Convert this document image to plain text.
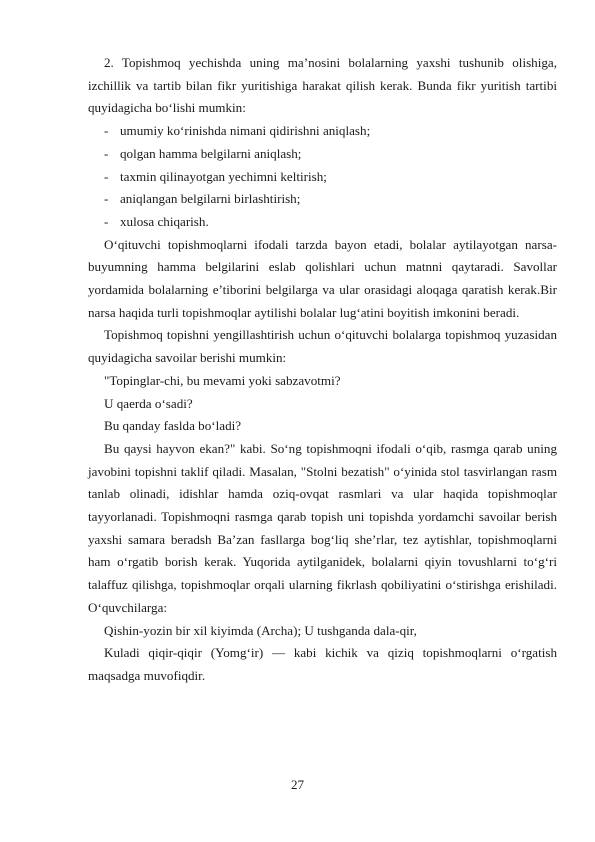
2. Topishmoq yechishda uning ma’nosini bolalarning yaxshi tushunib olishiga, izchillik va tartib bilan fikr yuritishiga harakat qilish kerak. Bunda fikr yuritish tartibi quyidagicha bo‘lishi mumkin:

- umumiy ko‘rinishda nimani qidirishni aniqlash;
- qolgan hamma belgilarni aniqlash;
- taxmin qilinayotgan yechimni keltirish;
- aniqlangan belgilarni birlashtirish;
- xulosa chiqarish.

O‘qituvchi topishmoqlarni ifodali tarzda bayon etadi, bolalar aytilayotgan narsa- buyumning hamma belgilarini eslab qolishlari uchun matnni qaytaradi. Savollar yordamida bolalarning e’tiborini belgilarga va ular orasidagi aloqaga qaratish kerak.Bir narsa haqida turli topishmoqlar aytilishi bolalar lug‘atini boyitish imkonini beradi.

Topishmoq topishni yengillashtirish uchun o‘qituvchi bolalarga topishmoq yuzasidan quyidagicha savoilar berishi mumkin:

"Topinglar-chi, bu mevami yoki sabzavotmi?

U qaerda o‘sadi?

Bu qanday faslda bo‘ladi?

Bu qaysi hayvon ekan?" kabi. So‘ng topishmoqni ifodali o‘qib, rasmga qarab uning javobini topishni taklif qiladi. Masalan, "Stolni bezatish" o‘yinida stol tasvirlangan rasm tanlab olinadi, idishlar hamda oziq-ovqat rasmlari va ular haqida topishmoqlar tayyorlanadi. Topishmoqni rasmga qarab topish uni topishda yordamchi savoilar berish yaxshi samara beradsh Ba’zan fasllarga bog‘liq she’rlar, tez aytishlar, topishmoqlarni ham o‘rgatib borish kerak. Yuqorida aytilganidek, bolalarni qiyin tovushlarni to‘g‘ri talaffuz qilishga, topishmoqlar orqali ularning fikrlash qobiliyatini o‘stirishga erishiladi. O‘quvchilarga:

Qishin-yozin bir xil kiyimda (Archa); U tushganda dala-qir,

Kuladi qiqir-qiqir (Yomg‘ir) — kabi kichik va qiziq topishmoqlarni o‘rgatish maqsadga muvofiqdir.

27
